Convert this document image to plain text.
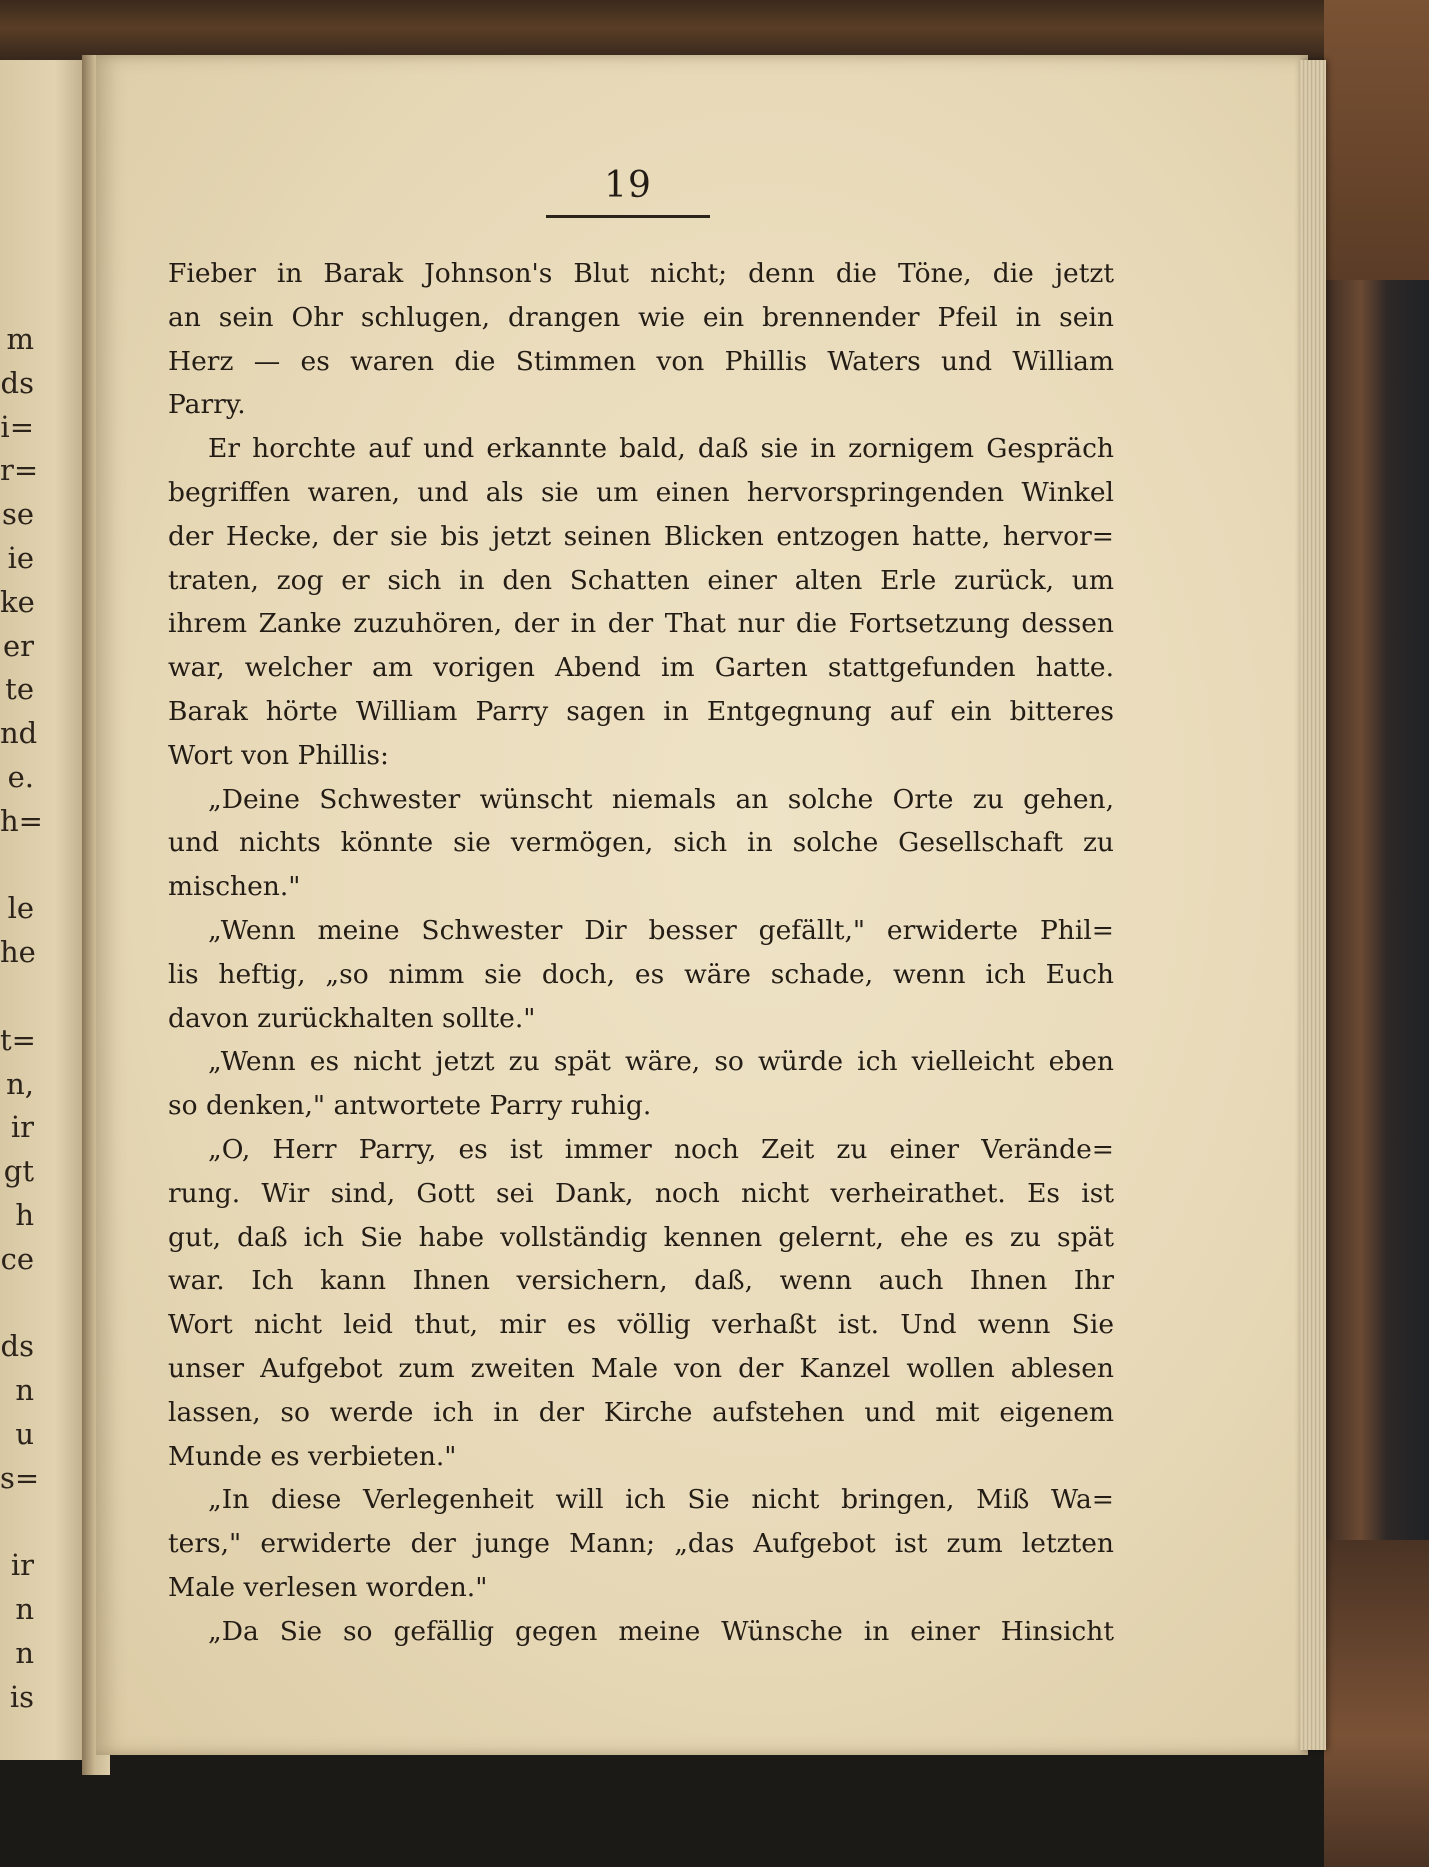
m
ds
i=
r=
se
ie
ke
er
te
nd
e.
h=
le
he
t=
n,
ir
gt
h
ce
ds
n
u
s=
ir
n
n
is
19
Fieber in Barak Johnson's Blut nicht; denn die Töne, die jetzt
an sein Ohr schlugen, drangen wie ein brennender Pfeil in sein
Herz — es waren die Stimmen von Phillis Waters und William
Parry.
Er horchte auf und erkannte bald, daß sie in zornigem Gespräch
begriffen waren, und als sie um einen hervorspringenden Winkel
der Hecke, der sie bis jetzt seinen Blicken entzogen hatte, hervor=
traten, zog er sich in den Schatten einer alten Erle zurück, um
ihrem Zanke zuzuhören, der in der That nur die Fortsetzung dessen
war, welcher am vorigen Abend im Garten stattgefunden hatte.
Barak hörte William Parry sagen in Entgegnung auf ein bitteres
Wort von Phillis:
„Deine Schwester wünscht niemals an solche Orte zu gehen,
und nichts könnte sie vermögen, sich in solche Gesellschaft zu
mischen."
„Wenn meine Schwester Dir besser gefällt," erwiderte Phil=
lis heftig, „so nimm sie doch, es wäre schade, wenn ich Euch
davon zurückhalten sollte."
„Wenn es nicht jetzt zu spät wäre, so würde ich vielleicht eben
so denken," antwortete Parry ruhig.
„O, Herr Parry, es ist immer noch Zeit zu einer Verände=
rung. Wir sind, Gott sei Dank, noch nicht verheirathet. Es ist
gut, daß ich Sie habe vollständig kennen gelernt, ehe es zu spät
war. Ich kann Ihnen versichern, daß, wenn auch Ihnen Ihr
Wort nicht leid thut, mir es völlig verhaßt ist. Und wenn Sie
unser Aufgebot zum zweiten Male von der Kanzel wollen ablesen
lassen, so werde ich in der Kirche aufstehen und mit eigenem
Munde es verbieten."
„In diese Verlegenheit will ich Sie nicht bringen, Miß Wa=
ters," erwiderte der junge Mann; „das Aufgebot ist zum letzten
Male verlesen worden."
„Da Sie so gefällig gegen meine Wünsche in einer Hinsicht
